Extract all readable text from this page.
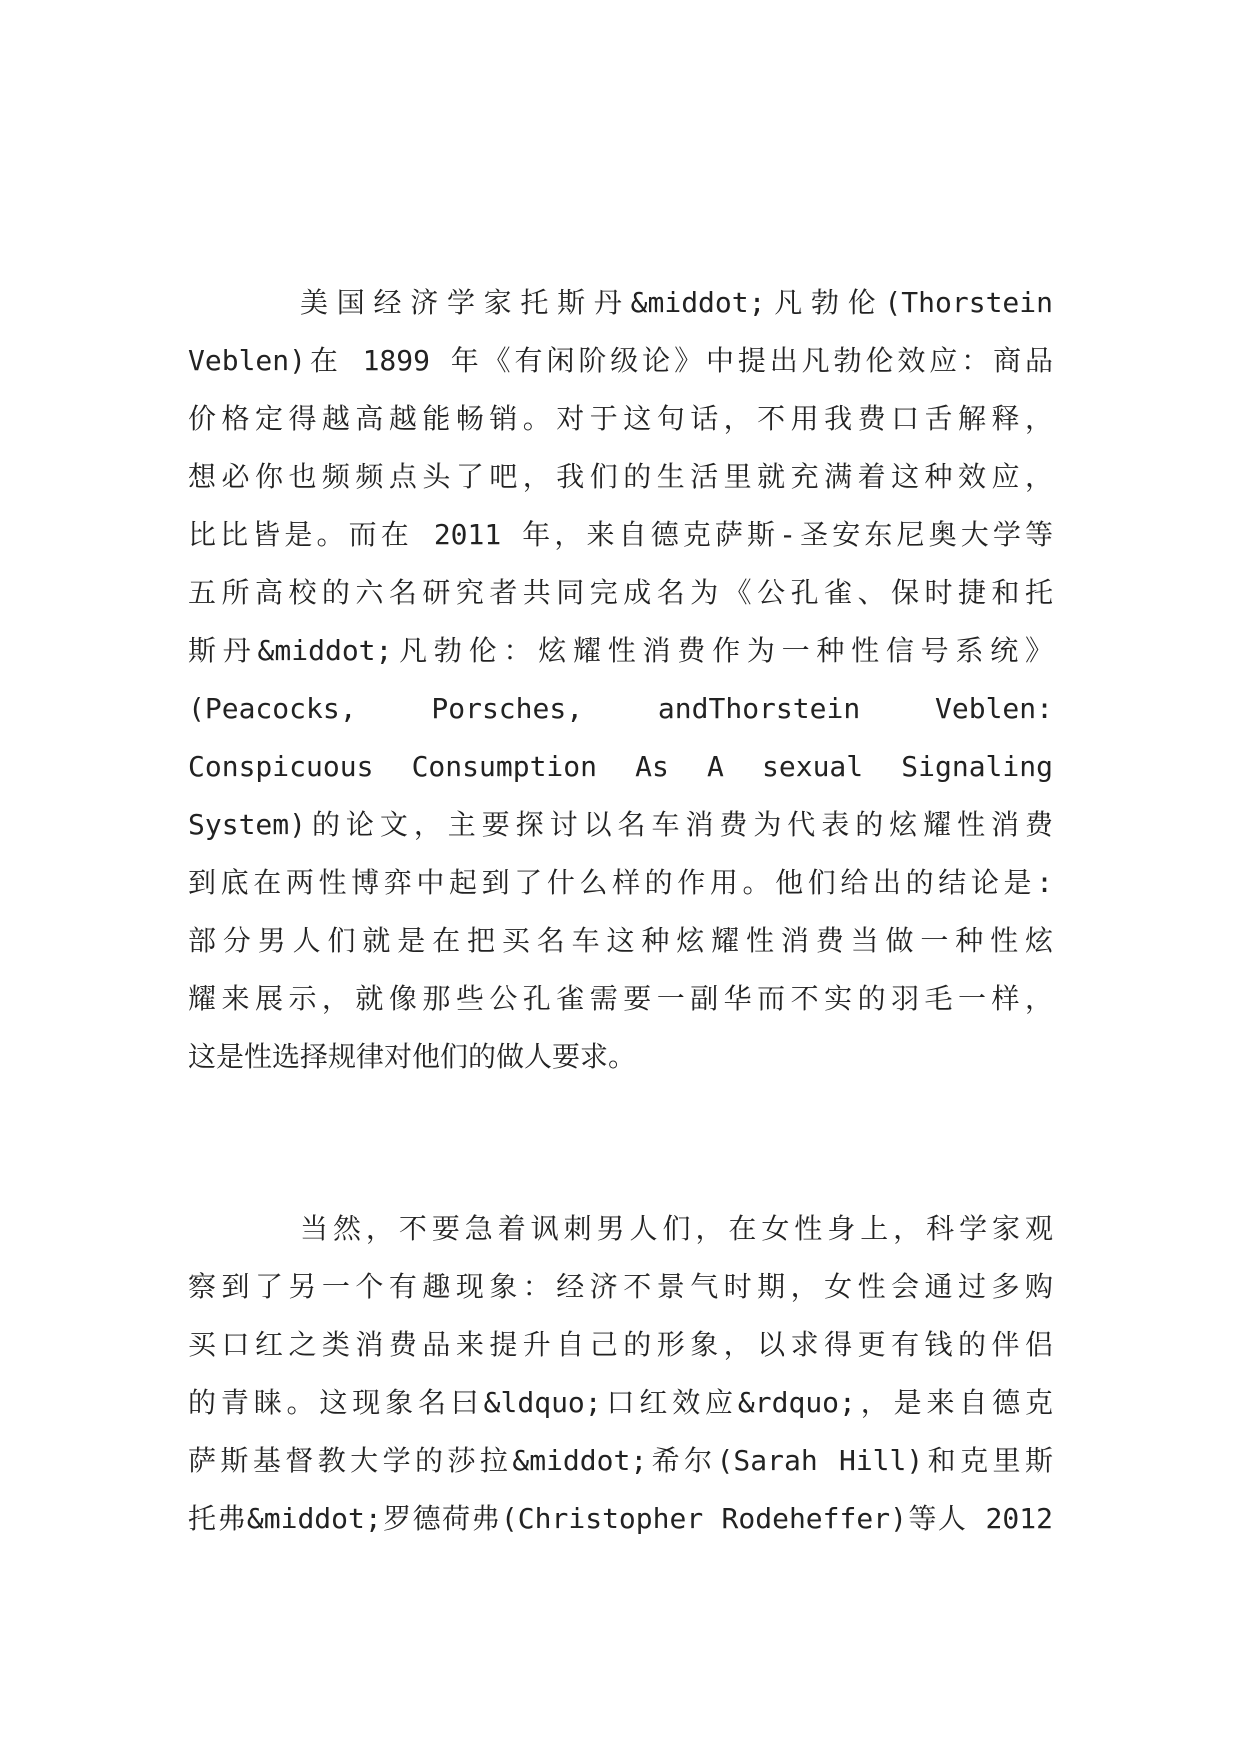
美国经济学家托斯丹&middot;凡勃伦(Thorstein
Veblen)在 1899 年《有闲阶级论》中提出凡勃伦效应：商品
价格定得越高越能畅销。对于这句话，不用我费口舌解释，
想必你也频频点头了吧，我们的生活里就充满着这种效应，
比比皆是。而在 2011 年，来自德克萨斯-圣安东尼奥大学等
五所高校的六名研究者共同完成名为《公孔雀、保时捷和托
斯丹&middot;凡勃伦：炫耀性消费作为一种性信号系统》
(Peacocks, Porsches, andThorstein Veblen:
Conspicuous Consumption As A sexual Signaling
System)的论文，主要探讨以名车消费为代表的炫耀性消费
到底在两性博弈中起到了什么样的作用。他们给出的结论是:
部分男人们就是在把买名车这种炫耀性消费当做一种性炫
耀来展示，就像那些公孔雀需要一副华而不实的羽毛一样，
这是性选择规律对他们的做人要求。
当然，不要急着讽刺男人们，在女性身上，科学家观
察到了另一个有趣现象：经济不景气时期，女性会通过多购
买口红之类消费品来提升自己的形象，以求得更有钱的伴侣
的青睐。这现象名曰&ldquo;口红效应&rdquo;，是来自德克
萨斯基督教大学的莎拉&middot;希尔(Sarah Hill)和克里斯
托弗&middot;罗德荷弗(Christopher Rodeheffer)等人 2012
